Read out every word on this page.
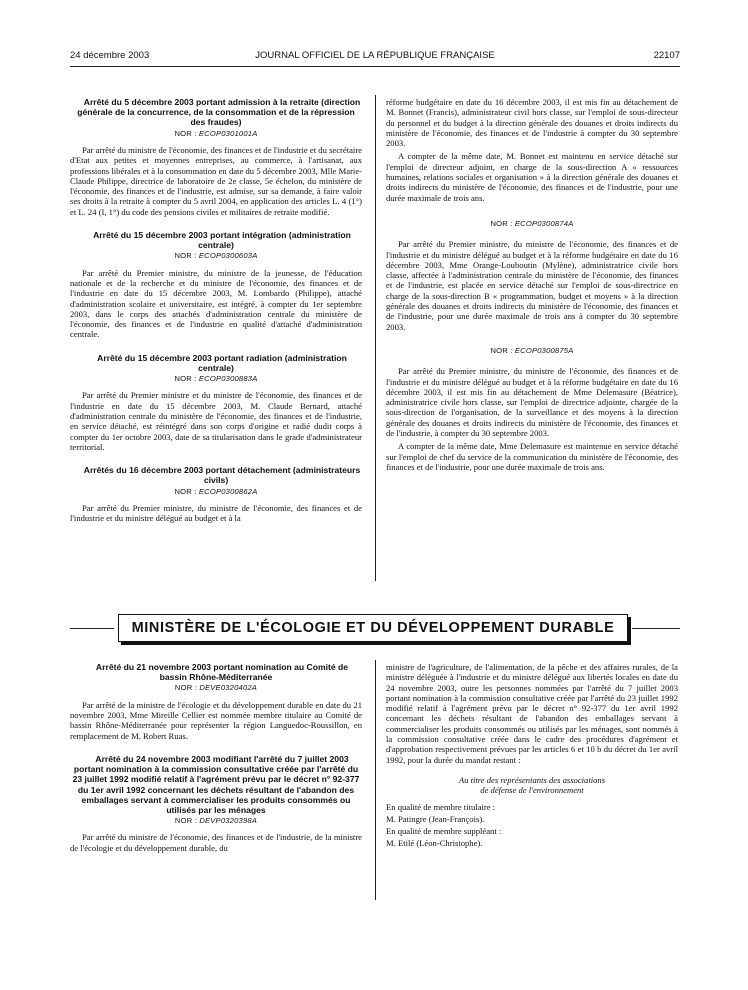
24 décembre 2003	JOURNAL OFFICIEL DE LA RÉPUBLIQUE FRANÇAISE	22107

Arrêté du 5 décembre 2003 portant admission à la retraite (direction générale de la concurrence, de la consommation et de la répression des fraudes)

NOR : ECOP0301001A

Par arrêté du ministre de l'économie, des finances et de l'industrie et du secrétaire d'Etat aux petites et moyennes entreprises, au commerce, à l'artisanat, aux professions libérales et à la consommation en date du 5 décembre 2003, Mlle Marie-Claude Philippe, directrice de laboratoire de 2e classe, 5e échelon, du ministère de l'économie, des finances et de l'industrie, est admise, sur sa demande, à faire valoir ses droits à la retraite à compter du 5 avril 2004, en application des articles L. 4 (1°) et L. 24 (I, 1°) du code des pensions civiles et militaires de retraite modifié.

Arrêté du 15 décembre 2003 portant intégration (administration centrale)

NOR : ECOP0300603A

Par arrêté du Premier ministre, du ministre de la jeunesse, de l'éducation nationale et de la recherche et du ministre de l'économie, des finances et de l'industrie en date du 15 décembre 2003, M. Lombardo (Philippe), attaché d'administration scolaire et universitaire, est intégré, à compter du 1er septembre 2003, dans le corps des attachés d'administration centrale du ministère de l'économie, des finances et de l'industrie en qualité d'attaché d'administration centrale.

Arrêté du 15 décembre 2003 portant radiation (administration centrale)

NOR : ECOP0300883A

Par arrêté du Premier ministre et du ministre de l'économie, des finances et de l'industrie en date du 15 décembre 2003, M. Claude Bernard, attaché d'administration centrale du ministère de l'économie, des finances et de l'industrie, en service détaché, est réintégré dans son corps d'origine et radié dudit corps à compter du 1er octobre 2003, date de sa titularisation dans le grade d'administrateur territorial.

Arrêtés du 16 décembre 2003 portant détachement (administrateurs civils)

NOR : ECOP0300862A

Par arrêté du Premier ministre, du ministre de l'économie, des finances et de l'industrie et du ministre délégué au budget et à la

réforme budgétaire en date du 16 décembre 2003, il est mis fin au détachement de M. Bonnet (Francis), administrateur civil hors classe, sur l'emploi de sous-directeur du personnel et du budget à la direction générale des douanes et droits indirects du ministère de l'économie, des finances et de l'industrie à compter du 30 septembre 2003.

A compter de la même date, M. Bonnet est maintenu en service détaché sur l'emploi de directeur adjoint, en charge de la sous-direction A « ressources humaines, relations sociales et organisation » à la direction générale des douanes et droits indirects du ministère de l'économie, des finances et de l'industrie, pour une durée maximale de trois ans.

NOR : ECOP0300874A

Par arrêté du Premier ministre, du ministre de l'économie, des finances et de l'industrie et du ministre délégué au budget et à la réforme budgétaire en date du 16 décembre 2003, Mme Orange-Louboutin (Mylène), administratrice civile hors classe, affectée à l'administration centrale du ministère de l'économie, des finances et de l'industrie, est placée en service détaché sur l'emploi de sous-directrice en charge de la sous-direction B « programmation, budget et moyens » à la direction générale des douanes et droits indirects du ministère de l'économie, des finances et de l'industrie, pour une durée maximale de trois ans à compter du 30 septembre 2003.

NOR : ECOP0300875A

Par arrêté du Premier ministre, du ministre de l'économie, des finances et de l'industrie et du ministre délégué au budget et à la réforme budgétaire en date du 16 décembre 2003, il est mis fin au détachement de Mme Delemasure (Béatrice), administratrice civile hors classe, sur l'emploi de directrice adjointe, chargée de la sous-direction de l'organisation, de la surveillance et des moyens à la direction générale des douanes et droits indirects du ministère de l'économie, des finances et de l'industrie, à compter du 30 septembre 2003.

A compter de la même date, Mme Delemasure est maintenue en service détaché sur l'emploi de chef du service de la communication du ministère de l'économie, des finances et de l'industrie, pour une durée maximale de trois ans.

MINISTÈRE DE L'ÉCOLOGIE ET DU DÉVELOPPEMENT DURABLE

Arrêté du 21 novembre 2003 portant nomination au Comité de bassin Rhône-Méditerranée

NOR : DEVE0320402A

Par arrêté de la ministre de l'écologie et du développement durable en date du 21 novembre 2003, Mme Mireille Cellier est nommée membre titulaire au Comité de bassin Rhône-Méditerranée pour représenter la région Languedoc-Roussillon, en remplacement de M. Robert Ruas.

Arrêté du 24 novembre 2003 modifiant l'arrêté du 7 juillet 2003 portant nomination à la commission consultative créée par l'arrêté du 23 juillet 1992 modifié relatif à l'agrément prévu par le décret n° 92-377 du 1er avril 1992 concernant les déchets résultant de l'abandon des emballages servant à commercialiser les produits consommés ou utilisés par les ménages

NOR : DEVP0320398A

Par arrêté du ministre de l'économie, des finances et de l'industrie, de la ministre de l'écologie et du développement durable, du

ministre de l'agriculture, de l'alimentation, de la pêche et des affaires rurales, de la ministre déléguée à l'industrie et du ministre délégué aux libertés locales en date du 24 novembre 2003, outre les personnes nommées par l'arrêté du 7 juillet 2003 portant nomination à la commission consultative créée par l'arrêté du 23 juillet 1992 modifié relatif à l'agrément prévu par le décret n° 92-377 du 1er avril 1992 concernant les déchets résultant de l'abandon des emballages servant à commercialiser les produits consommés ou utilisés par les ménages, sont nommés à la commission consultative créée dans le cadre des procédures d'agrément et d'approbation respectivement prévues par les articles 6 et 10 b du décret du 1er avril 1992, pour la durée du mandat restant :

Au titre des représentants des associations
de défense de l'environnement

En qualité de membre titulaire :

M. Patingre (Jean-François).

En qualité de membre suppléant :

M. Etilé (Léon-Christophe).
